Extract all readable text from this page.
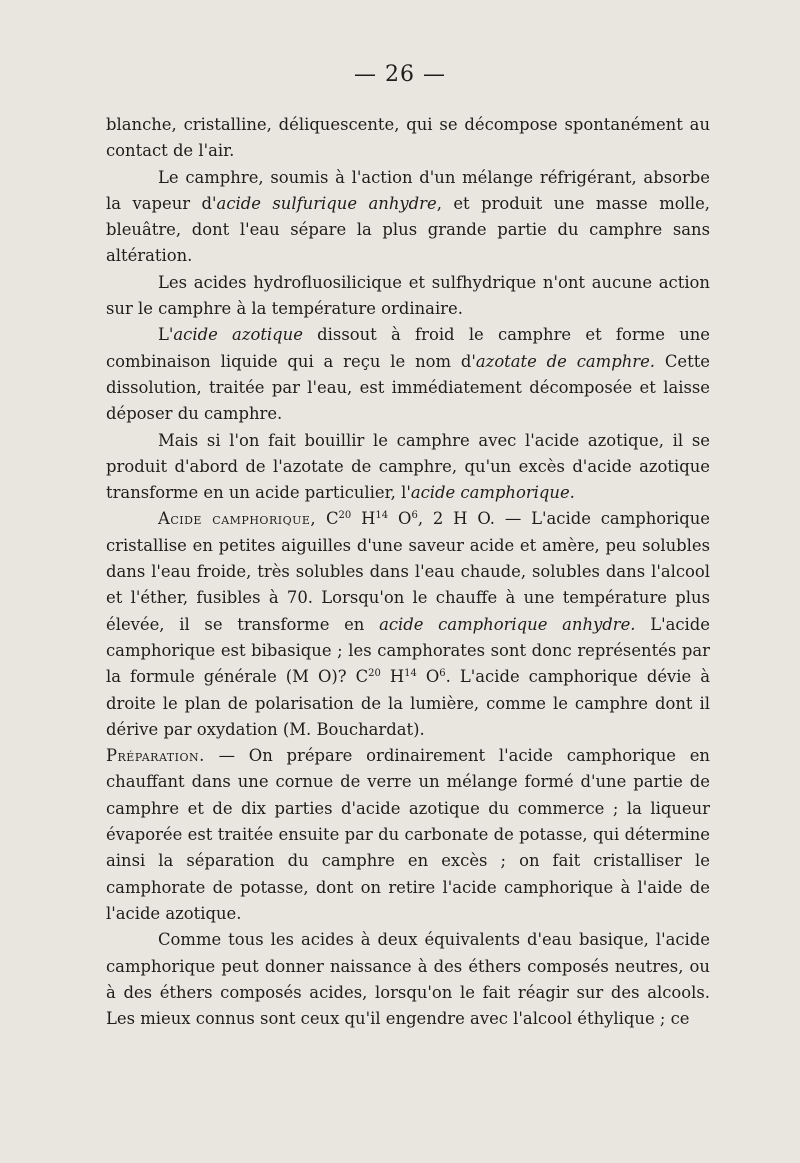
— 26 —

blanche, cristalline, déliquescente, qui se décompose spontanément au contact de l'air.

Le camphre, soumis à l'action d'un mélange réfrigérant, absorbe la vapeur d'acide sulfurique anhydre, et produit une masse molle, bleuâtre, dont l'eau sépare la plus grande partie du camphre sans altération.

Les acides hydrofluosilicique et sulfhydrique n'ont aucune action sur le camphre à la température ordinaire.

L'acide azotique dissout à froid le camphre et forme une combinaison liquide qui a reçu le nom d'azotate de camphre. Cette dissolution, traitée par l'eau, est immédiatement décomposée et laisse déposer du camphre.

Mais si l'on fait bouillir le camphre avec l'acide azotique, il se produit d'abord de l'azotate de camphre, qu'un excès d'acide azotique transforme en un acide particulier, l'acide camphorique.

Acide camphorique, $C^{20}$ $H^{14}$ $O^6$, 2 H O. — L'acide camphorique cristallise en petites aiguilles d'une saveur acide et amère, peu solubles dans l'eau froide, très solubles dans l'eau chaude, solubles dans l'alcool et l'éther, fusibles à 70. Lorsqu'on le chauffe à une température plus élevée, il se transforme en acide camphorique anhydre. L'acide camphorique est bibasique ; les camphorates sont donc représentés par la formule générale (M O)? $C^{20}$ $H^{14}$ $O^6$. L'acide camphorique dévie à droite le plan de polarisation de la lumière, comme le camphre dont il dérive par oxydation (M. Bouchardat).

Préparation. — On prépare ordinairement l'acide camphorique en chauffant dans une cornue de verre un mélange formé d'une partie de camphre et de dix parties d'acide azotique du commerce ; la liqueur évaporée est traitée ensuite par du carbonate de potasse, qui détermine ainsi la séparation du camphre en excès ; on fait cristalliser le camphorate de potasse, dont on retire l'acide camphorique à l'aide de l'acide azotique.

Comme tous les acides à deux équivalents d'eau basique, l'acide camphorique peut donner naissance à des éthers composés neutres, ou à des éthers composés acides, lorsqu'on le fait réagir sur des alcools. Les mieux connus sont ceux qu'il engendre avec l'alcool éthylique ; ce
